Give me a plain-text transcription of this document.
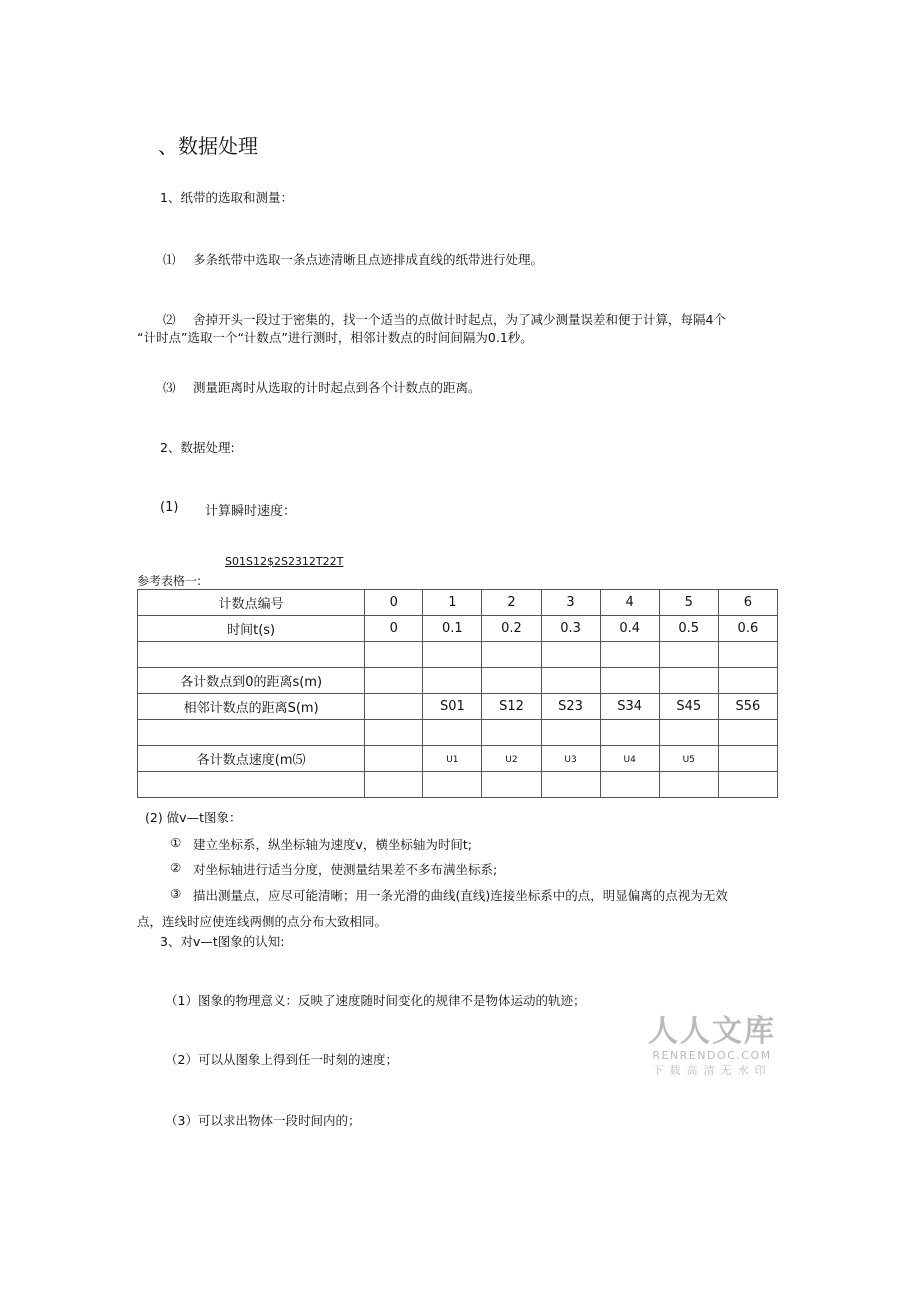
、数据处理
1、纸带的选取和测量：
⑴ 多条纸带中选取一条点迹清晰且点迹排成直线的纸带进行处理。
⑵ 舍掉开头一段过于密集的，找一个适当的点做计时起点，为了减少测量误差和便于计算，每隔4个
“计时点”选取一个“计数点”进行测时，相邻计数点的时间间隔为0.1秒。
⑶ 测量距离时从选取的计时起点到各个计数点的距离。
2、数据处理:
(1) 计算瞬时速度：
S01S12$2S2312T22T
参考表格一:
计数点编号	0	1	2	3	4	5	6
时间t(s)	0	0.1	0.2	0.3	0.4	0.5	0.6

各计数点到0的距离s(m)							
相邻计数点的距离S(m)		S01	S12	S23	S34	S45	S56

各计数点速度(m⑸		U1	U2	U3	U4	U5	

(2) 做v—t图象：
① 建立坐标系，纵坐标轴为速度v，横坐标轴为时间t;
② 对坐标轴进行适当分度，使测量结果差不多布满坐标系;
③ 描出测量点，应尽可能清晰；用一条光滑的曲线(直线)连接坐标系中的点，明显偏离的点视为无效
点，连线时应使连线两侧的点分布大致相同。
3、对v—t图象的认知:
（1）图象的物理意义：反映了速度随时间变化的规律不是物体运动的轨迹；
（2）可以从图象上得到任一时刻的速度；
（3）可以求出物体一段时间内的；
人人文库
RENRENDOC.COM
下载高清无水印
